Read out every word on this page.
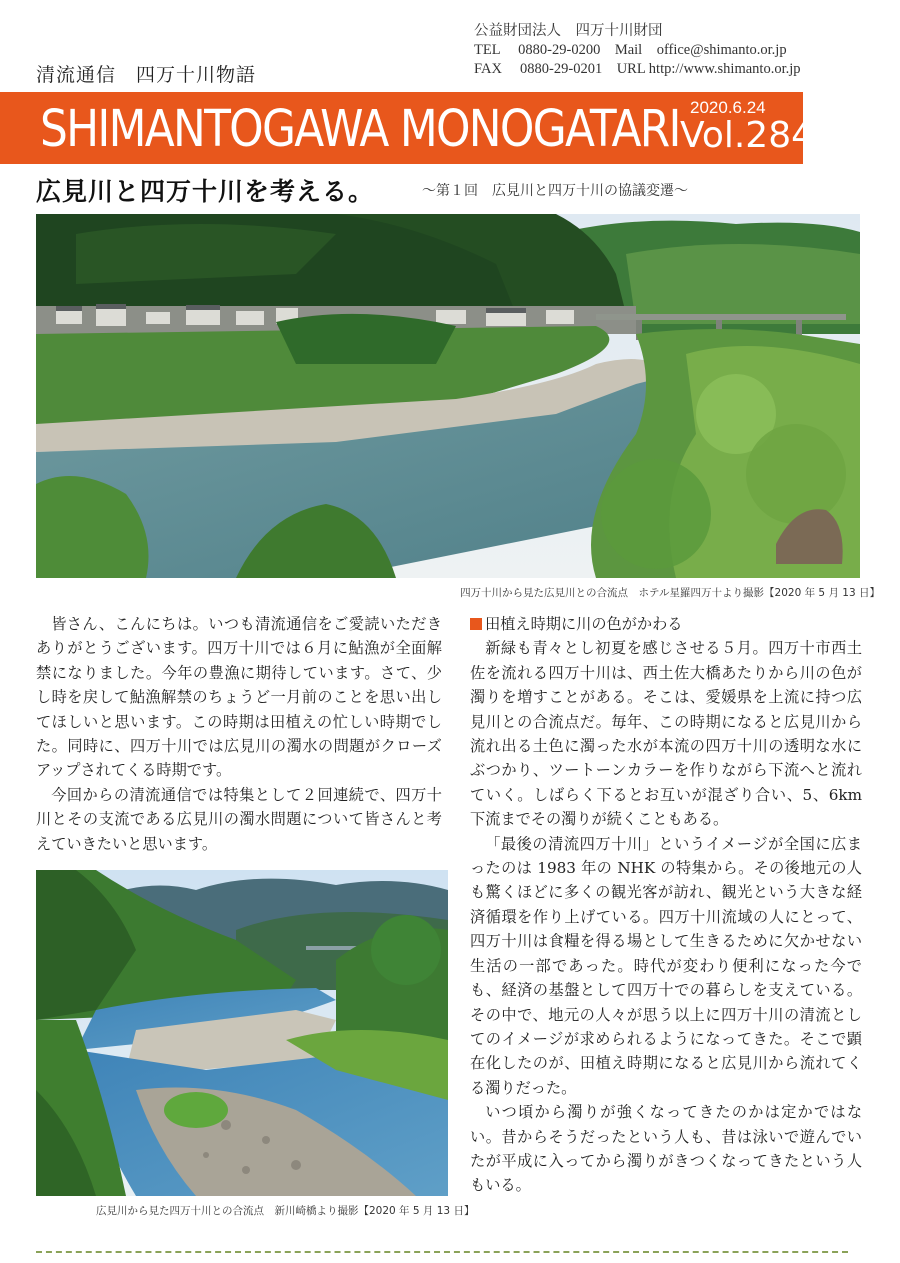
清流通信　四万十川物語
公益財団法人　四万十川財団
TEL　 0880-29-0200　Mail　office@shimanto.or.jp
FAX　 0880-29-0201　URL http://www.shimanto.or.jp
SHIMANTOGAWA MONOGATARI 2020.6.24
Vol.284
広見川と四万十川を考える。	〜第１回　広見川と四万十川の協議変遷〜
四万十川から見た広見川との合流点　ホテル星羅四万十より撮影【2020 年 5 月 13 日】

皆さん、こんにちは。いつも清流通信をご愛読いただきありがとうございます。四万十川では６月に鮎漁が全面解禁になりました。今年の豊漁に期待しています。さて、少し時を戻して鮎漁解禁のちょうど一月前のことを思い出してほしいと思います。この時期は田植えの忙しい時期でした。同時に、四万十川では広見川の濁水の問題がクローズアップされてくる時期です。

今回からの清流通信では特集として２回連続で、四万十川とその支流である広見川の濁水問題について皆さんと考えていきたいと思います。

広見川から見た四万十川との合流点　新川崎橋より撮影【2020 年 5 月 13 日】

田植え時期に川の色がかわる

新緑も青々とし初夏を感じさせる５月。四万十市西土佐を流れる四万十川は、西土佐大橋あたりから川の色が濁りを増すことがある。そこは、愛媛県を上流に持つ広見川との合流点だ。毎年、この時期になると広見川から流れ出る土色に濁った水が本流の四万十川の透明な水にぶつかり、ツートーンカラーを作りながら下流へと流れていく。しばらく下るとお互いが混ざり合い、5、6km 下流までその濁りが続くこともある。

「最後の清流四万十川」というイメージが全国に広まったのは 1983 年の NHK の特集から。その後地元の人も驚くほどに多くの観光客が訪れ、観光という大きな経済循環を作り上げている。四万十川流域の人にとって、四万十川は食糧を得る場として生きるために欠かせない生活の一部であった。時代が変わり便利になった今でも、経済の基盤として四万十での暮らしを支えている。その中で、地元の人々が思う以上に四万十川の清流としてのイメージが求められるようになってきた。そこで顕在化したのが、田植え時期になると広見川から流れてくる濁りだった。

いつ頃から濁りが強くなってきたのかは定かではない。昔からそうだったという人も、昔は泳いで遊んでいたが平成に入ってから濁りがきつくなってきたという人もいる。
